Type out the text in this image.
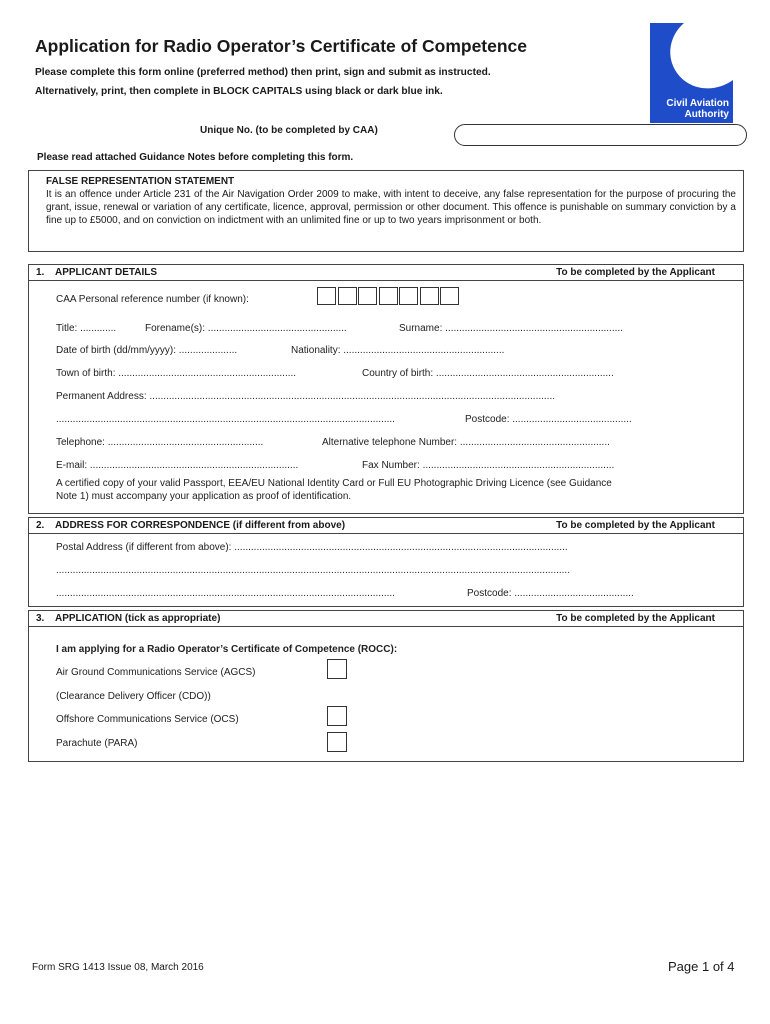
Application for Radio Operator’s Certificate of Competence
Please complete this form online (preferred method) then print, sign and submit as instructed.
Alternatively, print, then complete in BLOCK CAPITALS using black or dark blue ink.
Civil Aviation
Authority
Unique No. (to be completed by CAA)
Please read attached Guidance Notes before completing this form.
FALSE REPRESENTATION STATEMENT
It is an offence under Article 231 of the Air Navigation Order 2009 to make, with intent to deceive, any false representation for the purpose of procuring the grant, issue, renewal or variation of any certificate, licence, approval, permission or other document. This offence is punishable on summary conviction by a fine up to £5000, and on conviction on indictment with an unlimited fine or up to two years imprisonment or both.
1. APPLICANT DETAILS	To be completed by the Applicant
CAA Personal reference number (if known):
Title: .............	Forename(s): ..................................................	Surname: ................................................................
Date of birth (dd/mm/yyyy): .....................	Nationality: ..........................................................
Town of birth: ................................................................	Country of birth: ................................................................
Permanent Address: ..................................................................................................................................................
..........................................................................................................................	Postcode: ...........................................
Telephone: ........................................................	Alternative telephone Number: ......................................................
E-mail: ...........................................................................	Fax Number: .....................................................................
A certified copy of your valid Passport, EEA/EU National Identity Card or Full EU Photographic Driving Licence (see Guidance
Note 1) must accompany your application as proof of identification.
2. ADDRESS FOR CORRESPONDENCE (if different from above)	To be completed by the Applicant
Postal Address (if different from above): ........................................................................................................................
.........................................................................................................................................................................................
..........................................................................................................................	Postcode: ...........................................
3. APPLICATION (tick as appropriate)	To be completed by the Applicant
I am applying for a Radio Operator’s Certificate of Competence (ROCC):
Air Ground Communications Service (AGCS)
(Clearance Delivery Officer (CDO))
Offshore Communications Service (OCS)
Parachute (PARA)
Form SRG 1413 Issue 08, March 2016	Page 1 of 4
